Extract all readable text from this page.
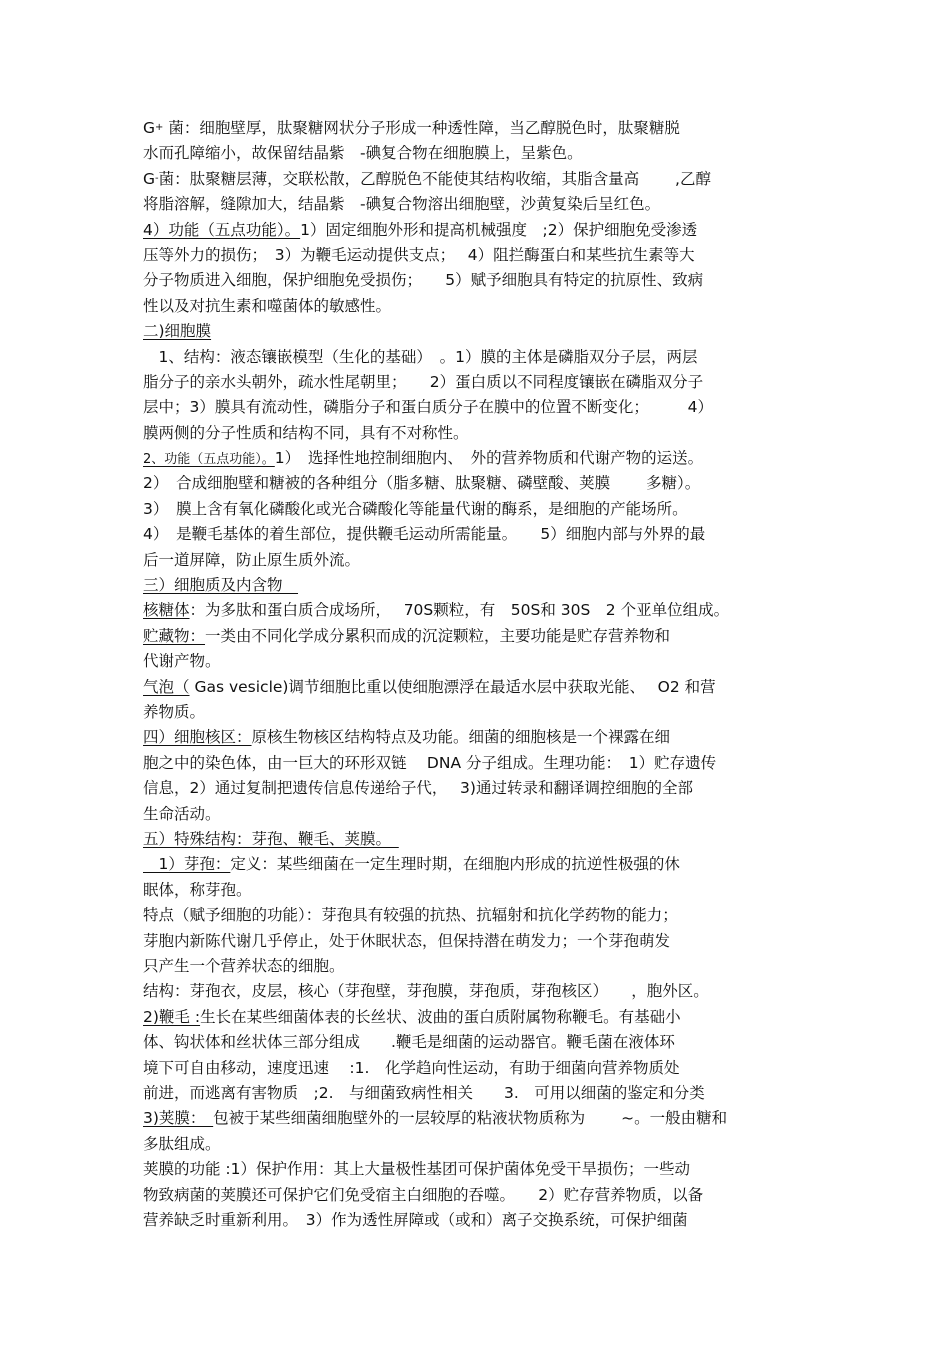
G+ 菌：细胞壁厚，肽聚糖网状分子形成一种透性障，当乙醇脱色时，肽聚糖脱
水而孔障缩小，故保留结晶紫　-碘复合物在细胞膜上，呈紫色。
G-菌：肽聚糖层薄，交联松散，乙醇脱色不能使其结构收缩，其脂含量高　　 ,乙醇
将脂溶解，缝隙加大，结晶紫　-碘复合物溶出细胞壁，沙黄复染后呈红色。
4）功能（五点功能）。1）固定细胞外形和提高机械强度　;2）保护细胞免受渗透
压等外力的损伤；　3）为鞭毛运动提供支点；　 4）阻拦酶蛋白和某些抗生素等大
分子物质进入细胞，保护细胞免受损伤；　　5）赋予细胞具有特定的抗原性、致病
性以及对抗生素和噬菌体的敏感性。
二)细胞膜
　1、结构：液态镶嵌模型（生化的基础）　。1）膜的主体是磷脂双分子层，两层
脂分子的亲水头朝外，疏水性尾朝里；　　2）蛋白质以不同程度镶嵌在磷脂双分子
层中；3）膜具有流动性，磷脂分子和蛋白质分子在膜中的位置不断变化；　　　4）
膜两侧的分子性质和结构不同，具有不对称性。
2、功能（五点功能）。1）　选择性地控制细胞内、　外的营养物质和代谢产物的运送。
2）　合成细胞壁和糖被的各种组分（脂多糖、肽聚糖、磷壁酸、荚膜　　 多糖）。
3）　膜上含有氧化磷酸化或光合磷酸化等能量代谢的酶系，是细胞的产能场所。
4）　是鞭毛基体的着生部位，提供鞭毛运动所需能量。　　5）细胞内部与外界的最
后一道屏障，防止原生质外流。
三）细胞质及内含物　
核糖体：为多肽和蛋白质合成场所，　 70S颗粒，有　50S和 30S　2 个亚单位组成。
贮藏物：一类由不同化学成分累积而成的沉淀颗粒，主要功能是贮存营养物和
代谢产物。
气泡（ Gas vesicle)调节细胞比重以使细胞漂浮在最适水层中获取光能、　 O2 和营
养物质。
四）细胞核区：原核生物核区结构特点及功能。细菌的细胞核是一个裸露在细
胞之中的染色体，由一巨大的环形双链　 DNA 分子组成。生理功能：　1）贮存遗传
信息，2）通过复制把遗传信息传递给子代，　 3)通过转录和翻译调控细胞的全部
生命活动。
五）特殊结构：芽孢、鞭毛、荚膜。　
　1）芽孢：定义：某些细菌在一定生理时期，在细胞内形成的抗逆性极强的休
眠体，称芽孢。
特点（赋予细胞的功能）：芽孢具有较强的抗热、抗辐射和抗化学药物的能力；
芽胞内新陈代谢几乎停止，处于休眠状态，但保持潜在萌发力；一个芽孢萌发
只产生一个营养状态的细胞。
结构：芽孢衣，皮层，核心（芽孢壁，芽孢膜，芽孢质，芽孢核区）　　，胞外区。
2)鞭毛 :生长在某些细菌体表的长丝状、波曲的蛋白质附属物称鞭毛。有基础小
体、钩状体和丝状体三部分组成　　.鞭毛是细菌的运动器官。鞭毛菌在液体环
境下可自由移动，速度迅速　 :1.　化学趋向性运动，有助于细菌向营养物质处
前进，而逃离有害物质　;2.　与细菌致病性相关　　3.　可用以细菌的鉴定和分类
3)荚膜：　包被于某些细菌细胞壁外的一层较厚的粘液状物质称为　　 ~。一般由糖和
多肽组成。
荚膜的功能 :1）保护作用：其上大量极性基团可保护菌体免受干旱损伤；一些动
物致病菌的荚膜还可保护它们免受宿主白细胞的吞噬。　　2）贮存营养物质，以备
营养缺乏时重新利用。　3）作为透性屏障或（或和）离子交换系统，可保护细菌
